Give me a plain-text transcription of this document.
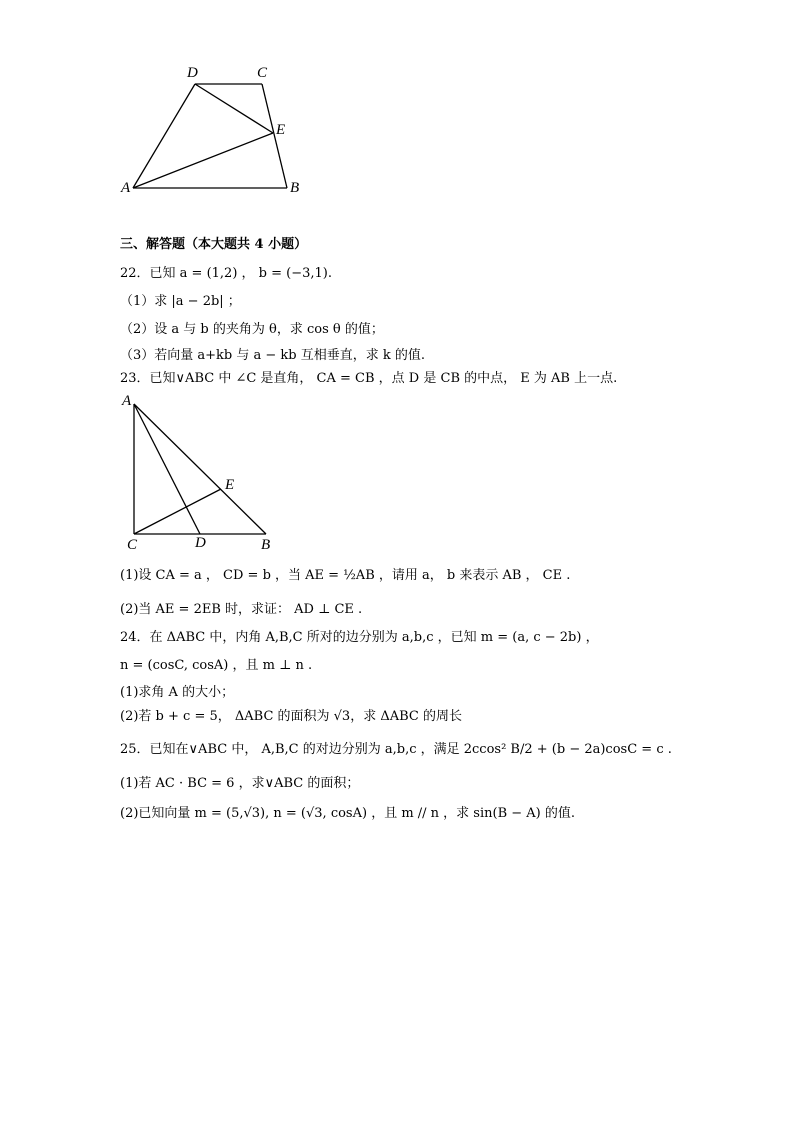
D	C
E
A	B
三、解答题（本大题共 4 小题）
22．已知 a = (1,2) ， b = (−3,1).
（1）求 |a − 2b| ；
（2）设 a 与 b 的夹角为 θ，求 cos θ 的值；
（3）若向量 a+kb 与 a − kb 互相垂直，求 k 的值.
23．已知∨ABC 中 ∠C 是直角， CA = CB ，点 D 是 CB 的中点， E 为 AB 上一点.
A
E
C	D	B
(1)设 CA = a ， CD = b ，当 AE = ½AB ，请用 a， b 来表示 AB ， CE .
(2)当 AE = 2EB 时，求证： AD ⊥ CE .
24．在 ΔABC 中，内角 A,B,C 所对的边分别为 a,b,c ，已知 m = (a, c − 2b) ，
n = (cosC, cosA) ，且 m ⊥ n .
(1)求角 A 的大小；
(2)若 b + c = 5， ΔABC 的面积为 √3，求 ΔABC 的周长
25．已知在∨ABC 中， A,B,C 的对边分别为 a,b,c ，满足 2ccos² B/2 + (b − 2a)cosC = c .
(1)若 AC · BC = 6 ，求∨ABC 的面积；
(2)已知向量 m = (5,√3), n = (√3, cosA) ，且 m // n ，求 sin(B − A) 的值.
